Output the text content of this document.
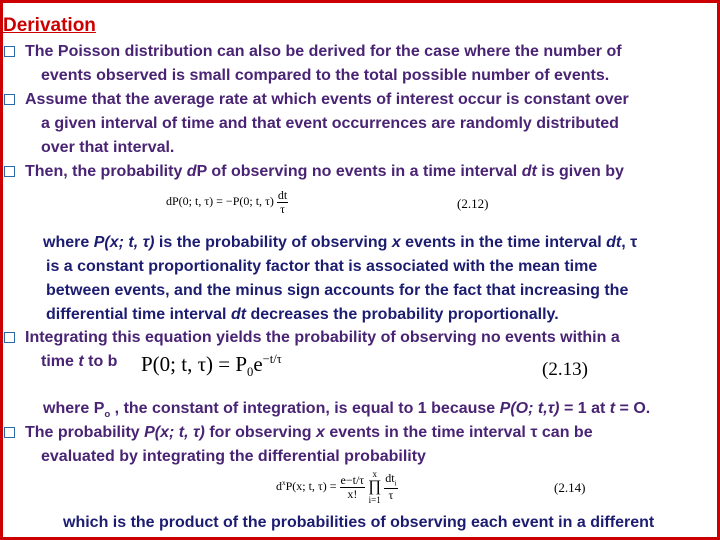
Derivation
The Poisson distribution can also be derived for the case where the number of
events observed is small compared to the total possible number of events.
Assume that the average rate at which events of interest occur is constant over
a given interval of time and that event occurrences are randomly distributed
over that interval.
Then, the probability dP of observing no events in a time interval dt is given by
dP(0; t, τ) = −P(0; t, $\tau) \frac{dt}{\tau}$	(2.12)
where P(x; t, τ) is the probability of observing x events in the time interval dt, τ
is a constant proportionality factor that is associated with the mean time
between events, and the minus sign accounts for the fact that increasing the
differential time interval dt decreases the probability proportionally.
Integrating this equation yields the probability of observing no events within a
time t to b P(0; t, $\tau) = P_0e^{-t/\tau}$	(2.13)
where $P_o$ , the constant of integration, is equal to 1 because P(O; t,τ) = 1 at t = O.
The probability P(x; t, τ) for observing x events in the time interval τ can be
evaluated by integrating the differential probability
$d^xP(x$; t, $\tau) = \frac{e-t/\tau}{x!}$
x
∏
i=1
$\frac{dt_i}{\tau}$	(2.14)
which is the product of the probabilities of observing each event in a different
